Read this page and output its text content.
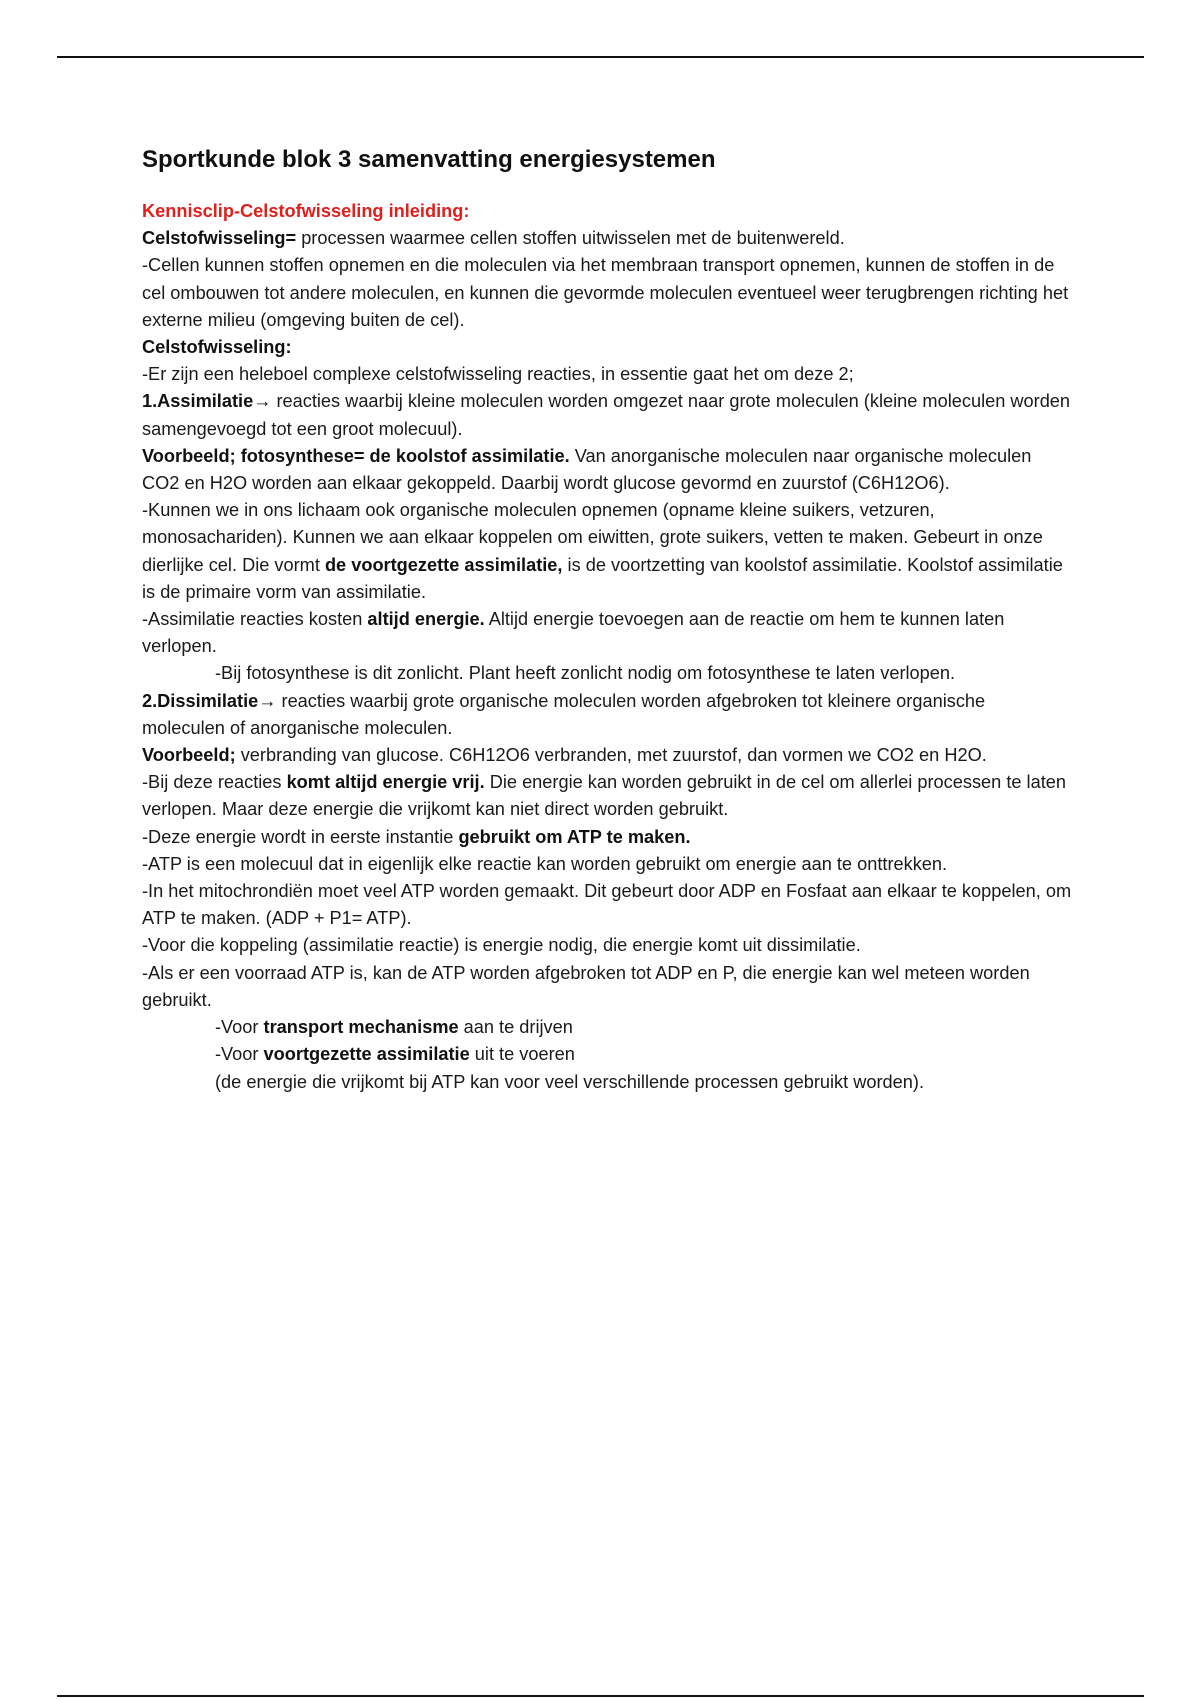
Sportkunde blok 3 samenvatting energiesystemen
Kennisclip-Celstofwisseling inleiding:

Celstofwisseling= processen waarmee cellen stoffen uitwisselen met de buitenwereld.

-Cellen kunnen stoffen opnemen en die moleculen via het membraan transport opnemen, kunnen de stoffen in de cel ombouwen tot andere moleculen, en kunnen die gevormde moleculen eventueel weer terugbrengen richting het externe milieu (omgeving buiten de cel).

Celstofwisseling:

-Er zijn een heleboel complexe celstofwisseling reacties, in essentie gaat het om deze 2;

1.Assimilatie→ reacties waarbij kleine moleculen worden omgezet naar grote moleculen (kleine moleculen worden samengevoegd tot een groot molecuul).

Voorbeeld; fotosynthese= de koolstof assimilatie. Van anorganische moleculen naar organische moleculen CO2 en H2O worden aan elkaar gekoppeld. Daarbij wordt glucose gevormd en zuurstof (C6H12O6).

-Kunnen we in ons lichaam ook organische moleculen opnemen (opname kleine suikers, vetzuren, monosachariden). Kunnen we aan elkaar koppelen om eiwitten, grote suikers, vetten te maken. Gebeurt in onze dierlijke cel. Die vormt de voortgezette assimilatie, is de voortzetting van koolstof assimilatie. Koolstof assimilatie is de primaire vorm van assimilatie.

-Assimilatie reacties kosten altijd energie. Altijd energie toevoegen aan de reactie om hem te kunnen laten verlopen.

-Bij fotosynthese is dit zonlicht. Plant heeft zonlicht nodig om fotosynthese te laten verlopen.

2.Dissimilatie→ reacties waarbij grote organische moleculen worden afgebroken tot kleinere organische moleculen of anorganische moleculen.

Voorbeeld; verbranding van glucose. C6H12O6 verbranden, met zuurstof, dan vormen we CO2 en H2O.

-Bij deze reacties komt altijd energie vrij. Die energie kan worden gebruikt in de cel om allerlei processen te laten verlopen. Maar deze energie die vrijkomt kan niet direct worden gebruikt.

-Deze energie wordt in eerste instantie gebruikt om ATP te maken.

-ATP is een molecuul dat in eigenlijk elke reactie kan worden gebruikt om energie aan te onttrekken.

-In het mitochrondiën moet veel ATP worden gemaakt. Dit gebeurt door ADP en Fosfaat aan elkaar te koppelen, om ATP te maken. (ADP + P1= ATP).

-Voor die koppeling (assimilatie reactie) is energie nodig, die energie komt uit dissimilatie.

-Als er een voorraad ATP is, kan de ATP worden afgebroken tot ADP en P, die energie kan wel meteen worden gebruikt.

-Voor transport mechanisme aan te drijven

-Voor voortgezette assimilatie uit te voeren

(de energie die vrijkomt bij ATP kan voor veel verschillende processen gebruikt worden).
